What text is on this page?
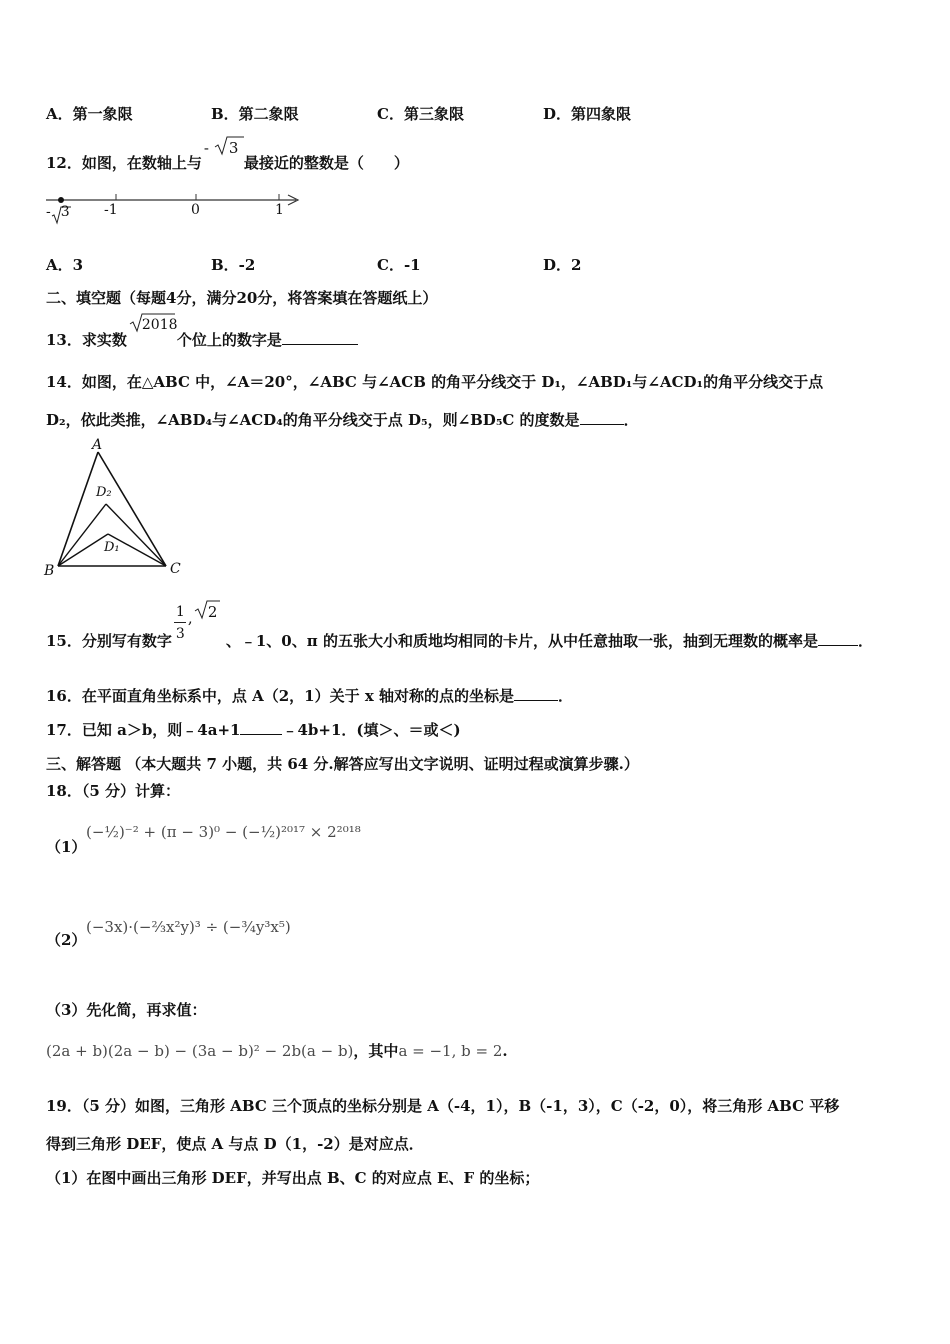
A．第一象限	B．第二象限	C．第三象限	D．第四象限
12．如图，在数轴上与
- 3
最接近的整数是（　　）
- 3 -1	0	1
A．3	B．-2	C．-1	D．2
二、填空题（每题4分，满分20分，将答案填在答题纸上）
13．求实数
2018
个位上的数字是
14．如图，在△ABC 中，∠A＝20°，∠ABC 与∠ACB 的角平分线交于 D₁，∠ABD₁与∠ACD₁的角平分线交于点
D₂，依此类推，∠ABD₄与∠ACD₄的角平分线交于点 D₅，则∠BD₅C 的度数是	．
A
B	C
D₂
D₁
15．分别写有数字
1
3
, 2
、﹣1、0、π 的五张大小和质地均相同的卡片，从中任意抽取一张，抽到无理数的概率是	．
16．在平面直角坐标系中，点 A（2，1）关于 x 轴对称的点的坐标是	．
17．已知 a＞b，则﹣4a+1	﹣4b+1．(填＞、＝或＜)
三、解答题 （本大题共 7 小题，共 64 分.解答应写出文字说明、证明过程或演算步骤.）
18．（5 分）计算：
（1）
(−½)⁻² + (π − 3)⁰ − (−½)²⁰¹⁷ × 2²⁰¹⁸
（2）
(−3x)·(−⅔x²y)³ ÷ (−¾y³x⁵)
（3）先化简，再求值：
(2a + b)(2a − b) − (3a − b)² − 2b(a − b)，其中a = −1, b = 2.
19．（5 分）如图，三角形 ABC 三个顶点的坐标分别是 A（-4，1），B（-1，3），C（-2，0），将三角形 ABC 平移
得到三角形 DEF，使点 A 与点 D（1，-2）是对应点．
（1）在图中画出三角形 DEF，并写出点 B、C 的对应点 E、F 的坐标；
